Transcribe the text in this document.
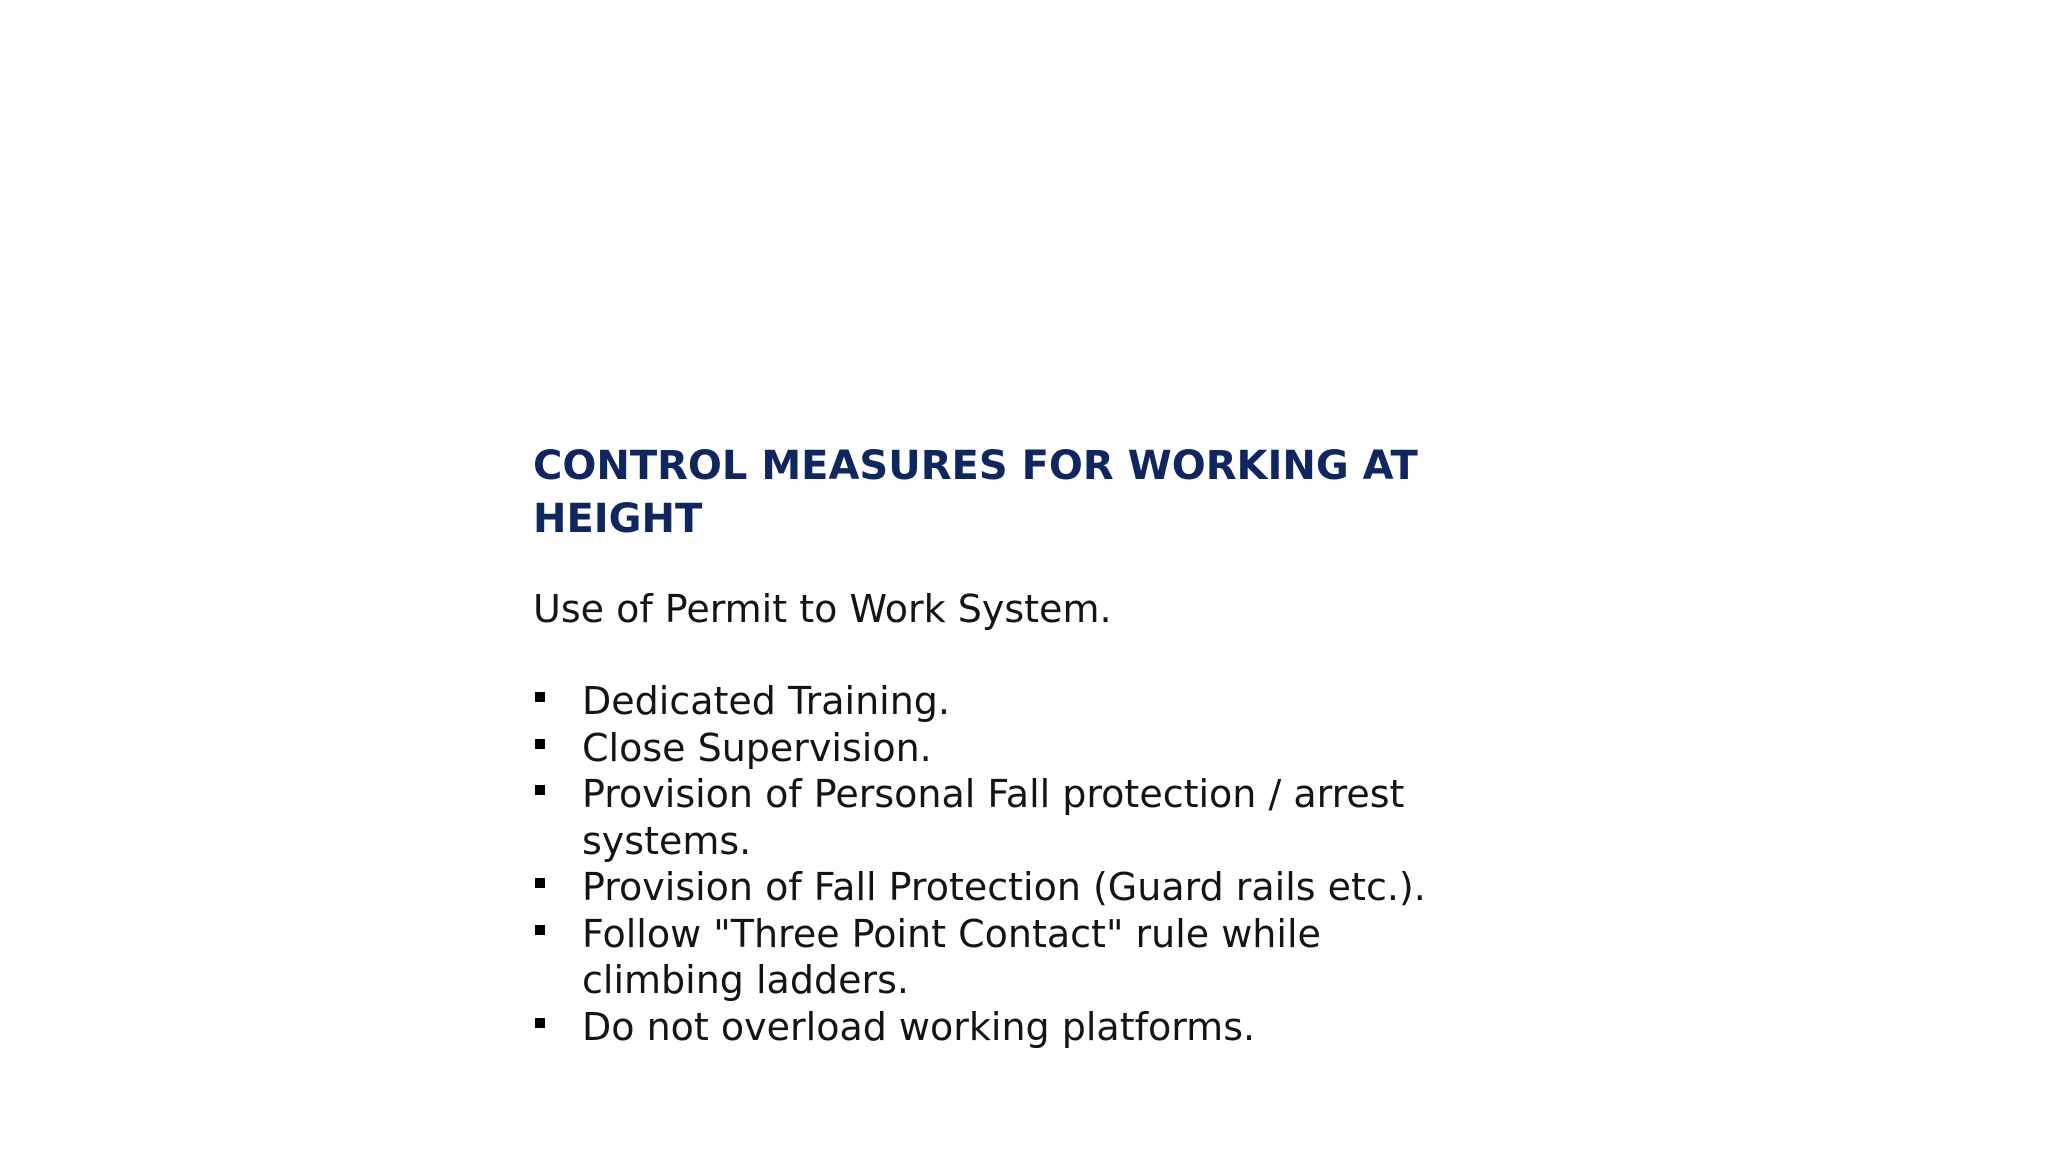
CONTROL MEASURES FOR WORKING AT HEIGHT

Use of Permit to Work System.

Dedicated Training.
Close Supervision.
Provision of Personal Fall protection / arrest systems.
Provision of Fall Protection (Guard rails etc.).
Follow "Three Point Contact" rule while climbing ladders.
Do not overload working platforms.
